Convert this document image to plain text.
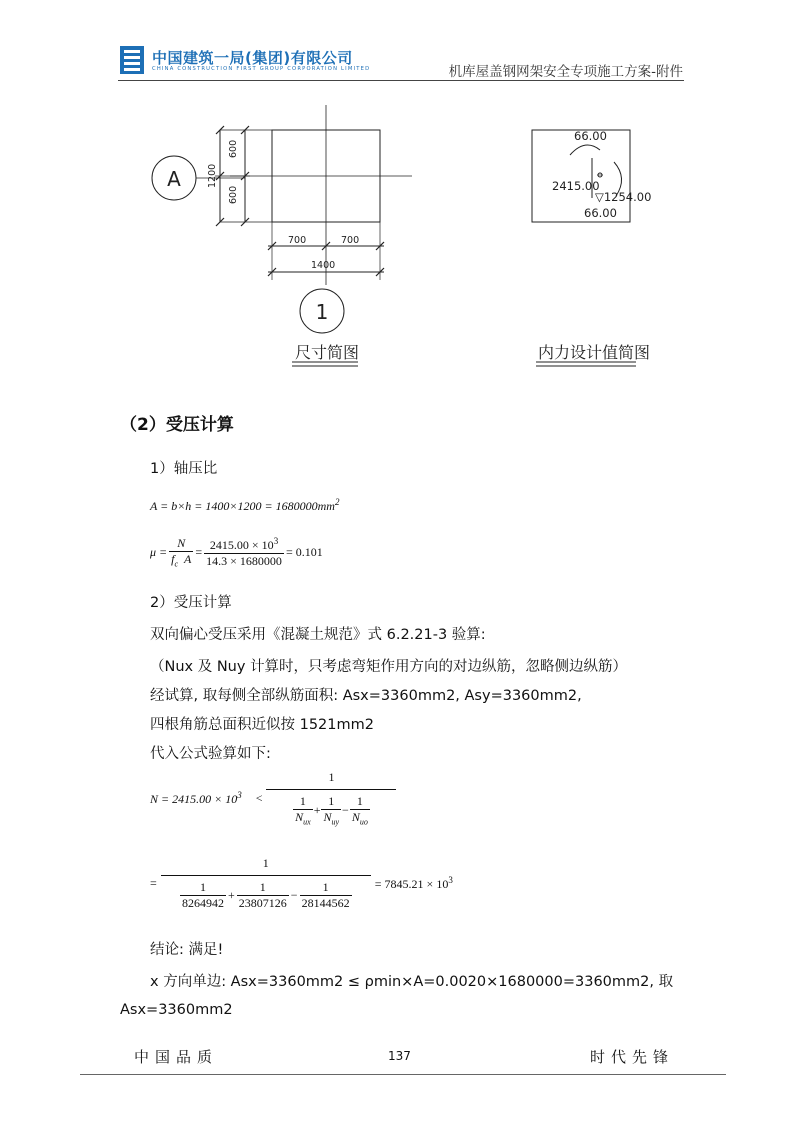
中国建筑一局(集团)有限公司
CHINA CONSTRUCTION FIRST GROUP CORPORATION LIMITED	机库屋盖钢网架安全专项施工方案-附件
600
600
1200
700	700
1400
A
1
尺寸简图	内力设计值简图
66.00
2415.00
▽1254.00
66.00
（2）受压计算
1）轴压比
$A = b\times h = 1400\times 1200 = 1680000mm^2$
$\mu = \frac{N}{f_c A} = \frac{2415.00 \times 10^3}{14.3 \times 1680000} = 0.101$
2）受压计算
双向偏心受压采用《混凝土规范》式 6.2.21-3 验算:
（Nux 及 Nuy 计算时，只考虑弯矩作用方向的对边纵筋，忽略侧边纵筋）
经试算, 取每侧全部纵筋面积: Asx=3360mm2, Asy=3360mm2,
四根角筋总面积近似按 1521mm2
代入公式验算如下:
$N = 2415.00 \times 10^3 < \frac{1}{\frac{1}{N_{ux}} + \frac{1}{N_{uy}} - \frac{1}{N_{uo}}}$
= $\frac{1}{\frac{1}{8264942} + \frac{1}{23807126} - \frac{1}{28144562}} = 7845.21 \times 10^3$
结论: 满足!
x 方向单边: Asx=3360mm2 ≤ ρmin×A=0.0020×1680000=3360mm2, 取
Asx=3360mm2
中国品质	137	时代先锋
